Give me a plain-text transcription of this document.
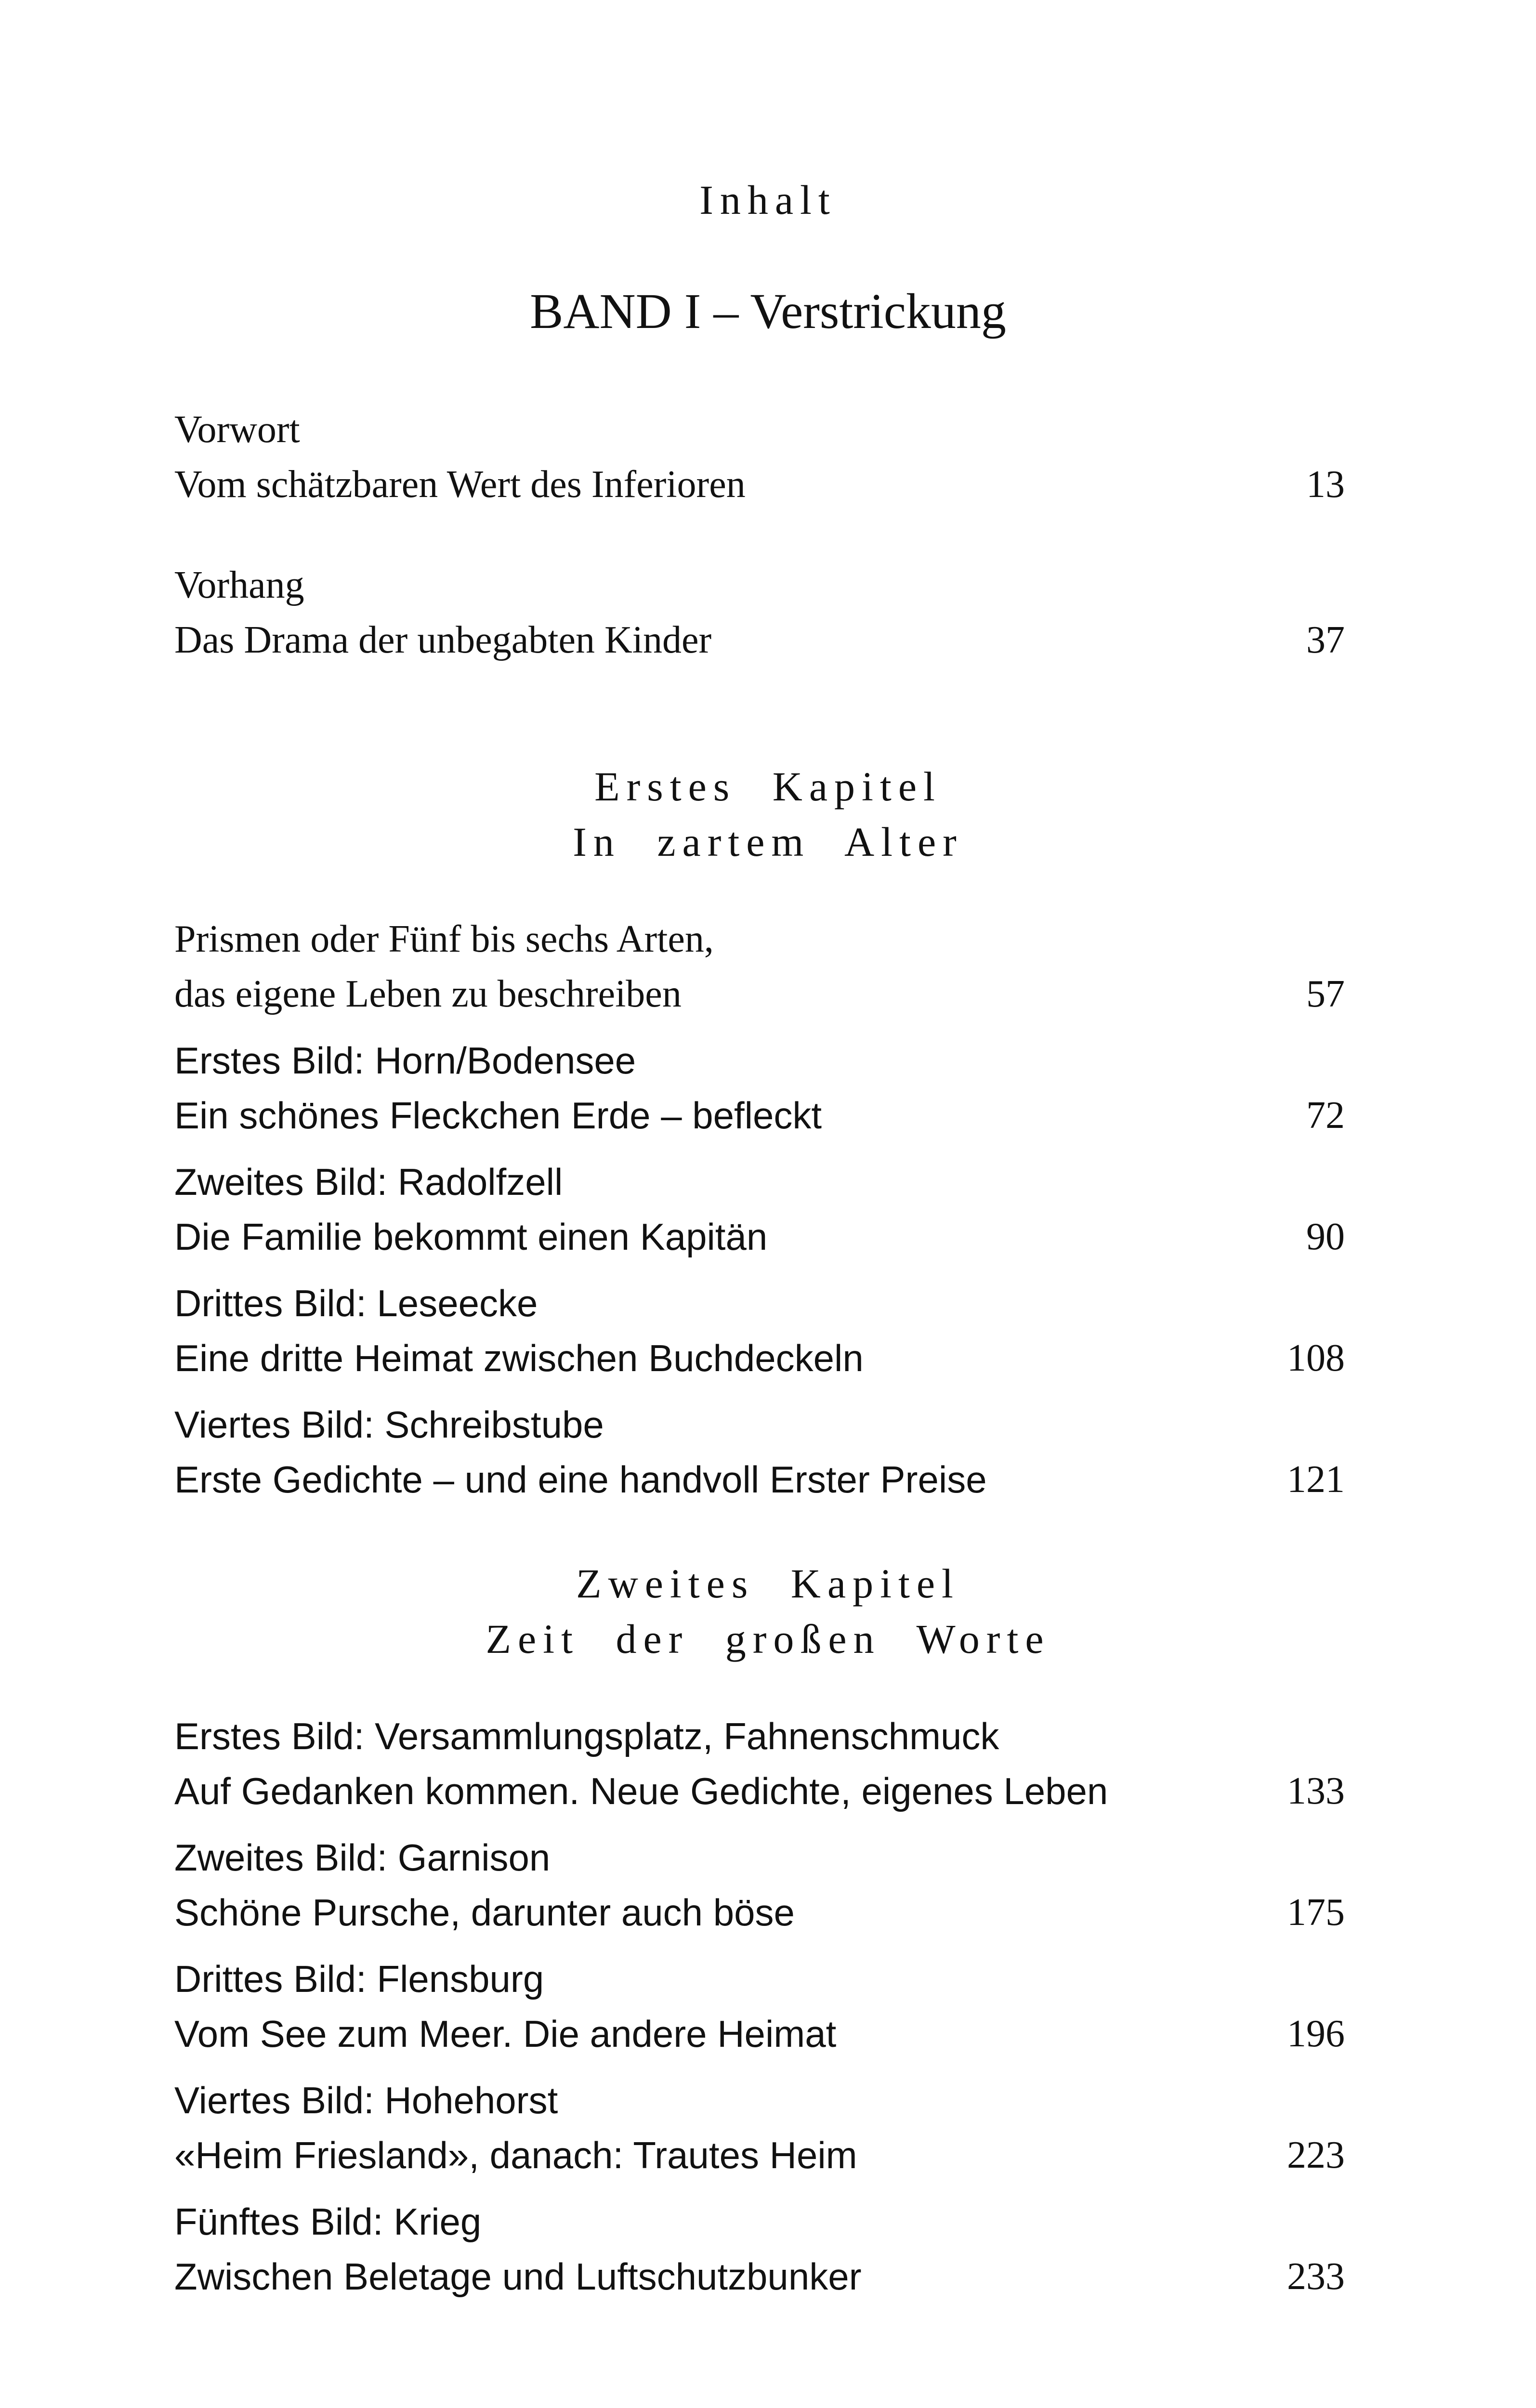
Inhalt
BAND I – Verstrickung
Vorwort
Vom schätzbaren Wert des Inferioren	13
Vorhang
Das Drama der unbegabten Kinder	37
Erstes Kapitel
In zartem Alter
Prismen oder Fünf bis sechs Arten,
das eigene Leben zu beschreiben	57
Erstes Bild: Horn/Bodensee
Ein schönes Fleckchen Erde – befleckt	72
Zweites Bild: Radolfzell
Die Familie bekommt einen Kapitän	90
Drittes Bild: Leseecke
Eine dritte Heimat zwischen Buchdeckeln	108
Viertes Bild: Schreibstube
Erste Gedichte – und eine handvoll Erster Preise	121
Zweites Kapitel
Zeit der großen Worte
Erstes Bild: Versammlungsplatz, Fahnenschmuck
Auf Gedanken kommen. Neue Gedichte, eigenes Leben	133
Zweites Bild: Garnison
Schöne Pursche, darunter auch böse	175
Drittes Bild: Flensburg
Vom See zum Meer. Die andere Heimat	196
Viertes Bild: Hohehorst
«Heim Friesland», danach: Trautes Heim	223
Fünftes Bild: Krieg
Zwischen Beletage und Luftschutzbunker	233
